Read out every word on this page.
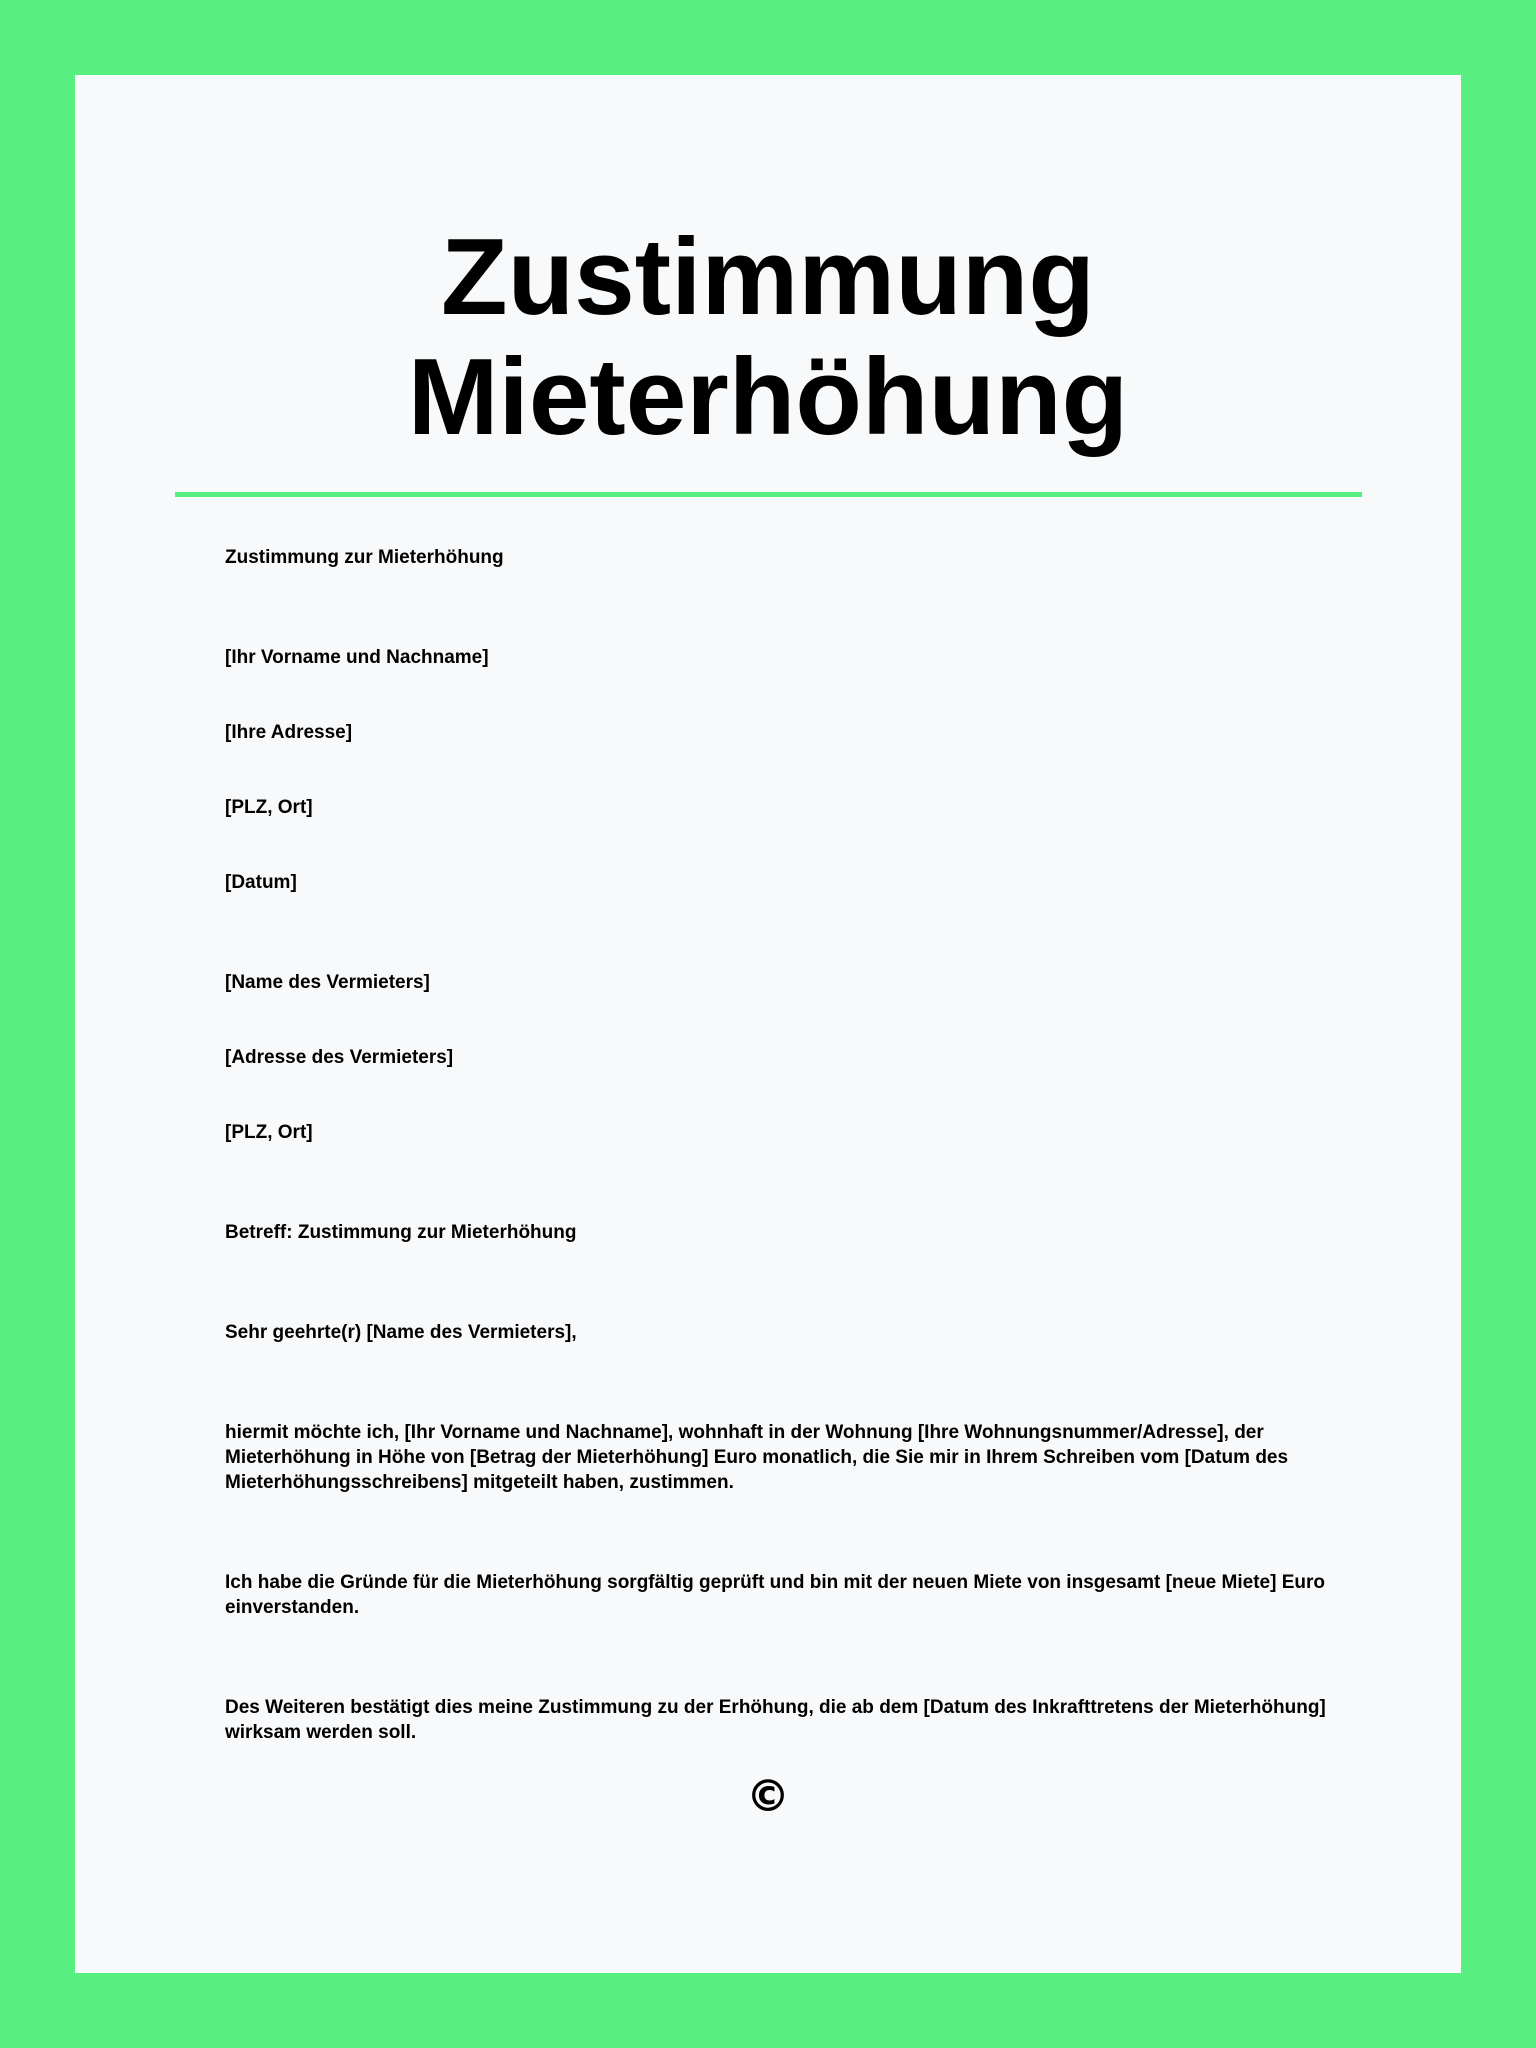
Zustimmung
Mieterhöhung

Zustimmung zur Mieterhöhung

[Ihr Vorname und Nachname]

[Ihre Adresse]

[PLZ, Ort]

[Datum]

[Name des Vermieters]

[Adresse des Vermieters]

[PLZ, Ort]

Betreff: Zustimmung zur Mieterhöhung

Sehr geehrte(r) [Name des Vermieters],

hiermit möchte ich, [Ihr Vorname und Nachname], wohnhaft in der Wohnung [Ihre Wohnungsnummer/Adresse], der Mieterhöhung in Höhe von [Betrag der Mieterhöhung] Euro monatlich, die Sie mir in Ihrem Schreiben vom [Datum des Mieterhöhungsschreibens] mitgeteilt haben, zustimmen.

Ich habe die Gründe für die Mieterhöhung sorgfältig geprüft und bin mit der neuen Miete von insgesamt [neue Miete] Euro einverstanden.

Des Weiteren bestätigt dies meine Zustimmung zu der Erhöhung, die ab dem [Datum des Inkrafttretens der Mieterhöhung] wirksam werden soll.

©
